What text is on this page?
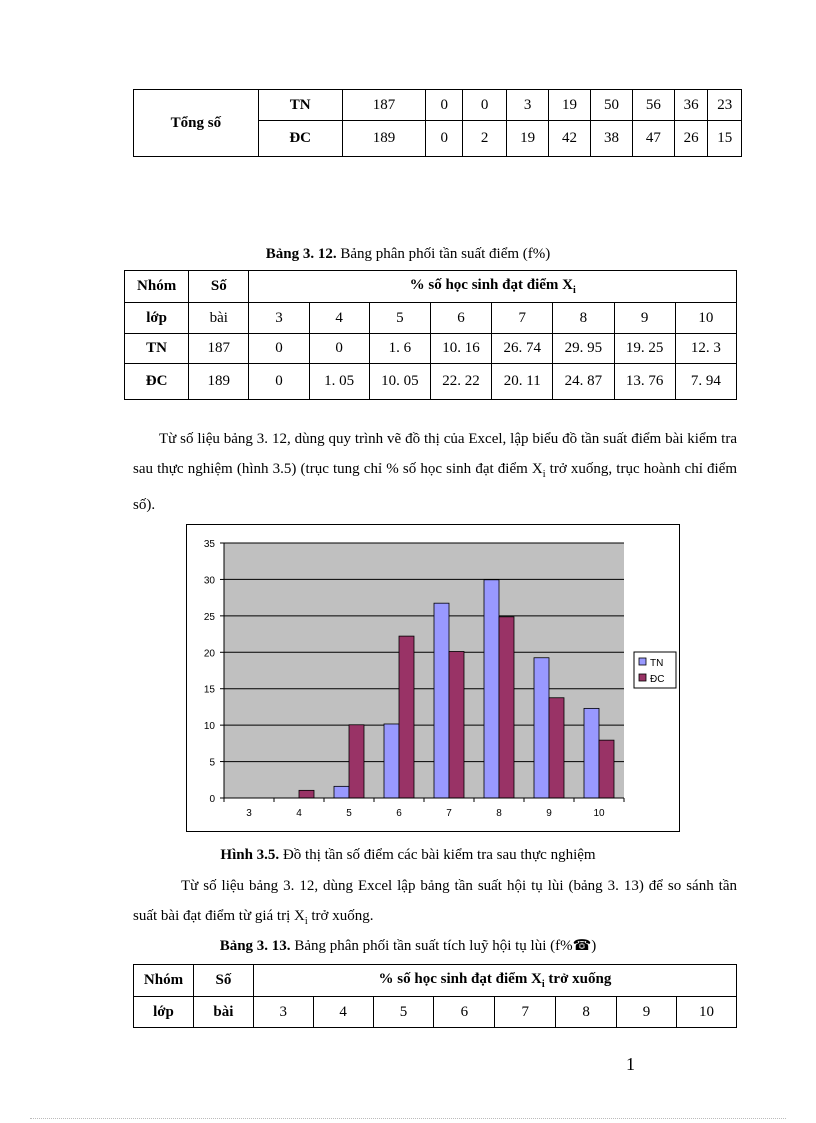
Tổng số	TN	187	0	0	3	19	50	56	36	23
	ĐC	189	0	2	19	42	38	47	26	15
Bảng 3. 12. Bảng phân phối tần suất điểm (f%)
Nhóm	Số	% số học sinh đạt điểm $X_i$
lớp	bài	3	4	5	6	7	8	9	10
TN	187	0	0	1. 6	10. 16	26. 74	29. 95	19. 25	12. 3
ĐC	189	0	1. 05	10. 05	22. 22	20. 11	24. 87	13. 76	7. 94

Từ số liệu bảng 3. 12, dùng quy trình vẽ đồ thị của Excel, lập biểu đồ tần suất điểm bài kiểm tra sau thực nghiệm (hình 3.5) (trục tung chỉ % số học sinh đạt điểm $X_i$ trở xuống, trục hoành chỉ điểm số).

0
5
10
15
20
25
30
35
3	4	5	6	7	8	9	10
TN
ĐC
Hình 3.5. Đồ thị tần số điểm các bài kiểm tra sau thực nghiệm

Từ số liệu bảng 3. 12, dùng Excel lập bảng tần suất hội tụ lùi (bảng 3. 13) để so sánh tần suất bài đạt điểm từ giá trị $X_i$ trở xuống.

Bảng 3. 13. Bảng phân phối tần suất tích luỹ hội tụ lùi (f%☎)
Nhóm	Số	% số học sinh đạt điểm $X_i$ trở xuống							
lớp	bài	3	4	5	6	7	8	9	10
1
